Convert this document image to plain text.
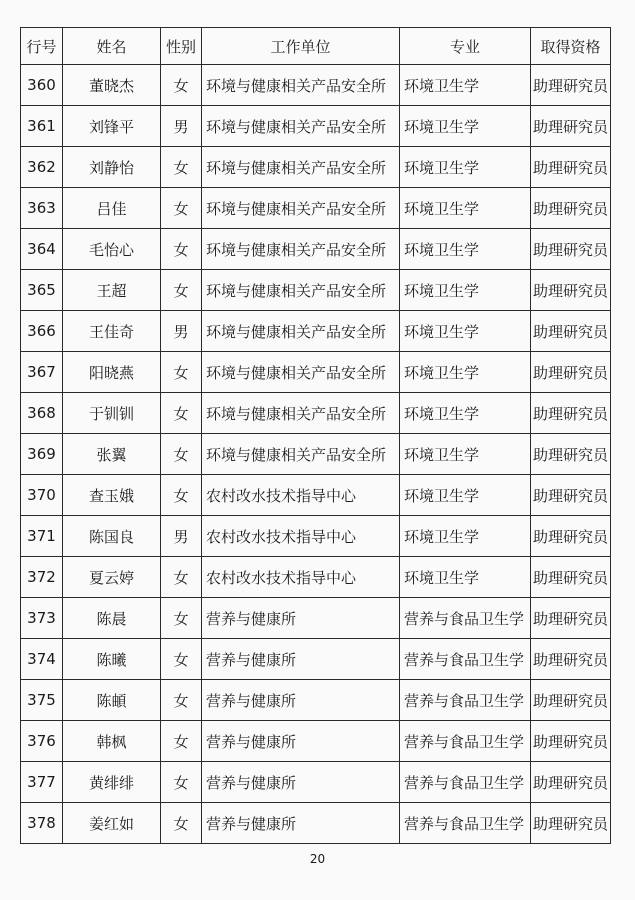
行号	姓名	性别	工作单位	专业	取得资格
360	董晓杰	女	环境与健康相关产品安全所	环境卫生学	助理研究员
361	刘锋平	男	环境与健康相关产品安全所	环境卫生学	助理研究员
362	刘静怡	女	环境与健康相关产品安全所	环境卫生学	助理研究员
363	吕佳	女	环境与健康相关产品安全所	环境卫生学	助理研究员
364	毛怡心	女	环境与健康相关产品安全所	环境卫生学	助理研究员
365	王超	女	环境与健康相关产品安全所	环境卫生学	助理研究员
366	王佳奇	男	环境与健康相关产品安全所	环境卫生学	助理研究员
367	阳晓燕	女	环境与健康相关产品安全所	环境卫生学	助理研究员
368	于钏钏	女	环境与健康相关产品安全所	环境卫生学	助理研究员
369	张翼	女	环境与健康相关产品安全所	环境卫生学	助理研究员
370	查玉娥	女	农村改水技术指导中心	环境卫生学	助理研究员
371	陈国良	男	农村改水技术指导中心	环境卫生学	助理研究员
372	夏云婷	女	农村改水技术指导中心	环境卫生学	助理研究员
373	陈晨	女	营养与健康所	营养与食品卫生学	助理研究员
374	陈曦	女	营养与健康所	营养与食品卫生学	助理研究员
375	陈頔	女	营养与健康所	营养与食品卫生学	助理研究员
376	韩枫	女	营养与健康所	营养与食品卫生学	助理研究员
377	黄绯绯	女	营养与健康所	营养与食品卫生学	助理研究员
378	姜红如	女	营养与健康所	营养与食品卫生学	助理研究员
20
